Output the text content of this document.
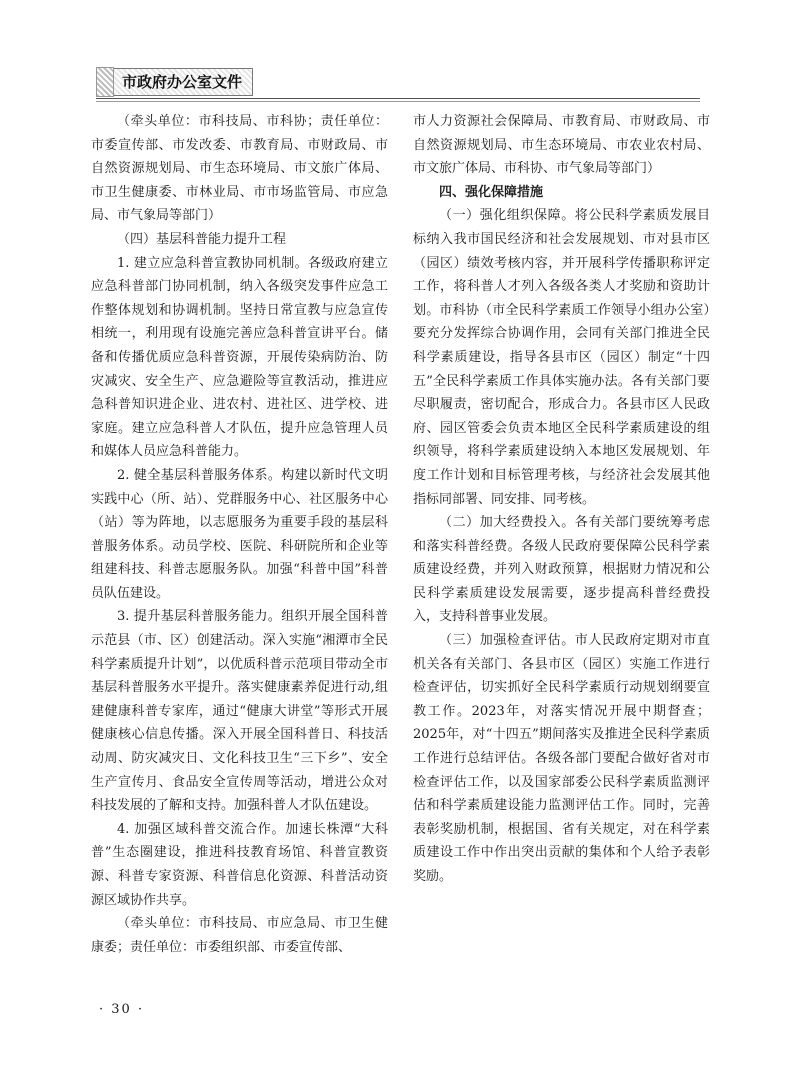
市政府办公室文件

（牵头单位：市科技局、市科协；责任单位：市委宣传部、市发改委、市教育局、市财政局、市自然资源规划局、市生态环境局、市文旅广体局、市卫生健康委、市林业局、市市场监管局、市应急局、市气象局等部门）

（四）基层科普能力提升工程

1. 建立应急科普宣教协同机制。各级政府建立应急科普部门协同机制，纳入各级突发事件应急工作整体规划和协调机制。坚持日常宣教与应急宣传相统一，利用现有设施完善应急科普宣讲平台。储备和传播优质应急科普资源，开展传染病防治、防灾减灾、安全生产、应急避险等宣教活动，推进应急科普知识进企业、进农村、进社区、进学校、进家庭。建立应急科普人才队伍，提升应急管理人员和媒体人员应急科普能力。

2. 健全基层科普服务体系。构建以新时代文明实践中心（所、站）、党群服务中心、社区服务中心（站）等为阵地，以志愿服务为重要手段的基层科普服务体系。动员学校、医院、科研院所和企业等组建科技、科普志愿服务队。加强“科普中国”科普员队伍建设。

3. 提升基层科普服务能力。组织开展全国科普示范县（市、区）创建活动。深入实施“湘潭市全民科学素质提升计划”，以优质科普示范项目带动全市基层科普服务水平提升。落实健康素养促进行动,组建健康科普专家库，通过“健康大讲堂”等形式开展健康核心信息传播。深入开展全国科普日、科技活动周、防灾减灾日、文化科技卫生“三下乡”、安全生产宣传月、食品安全宣传周等活动，增进公众对科技发展的了解和支持。加强科普人才队伍建设。

4. 加强区域科普交流合作。加速长株潭“大科普”生态圈建设，推进科技教育场馆、科普宣教资源、科普专家资源、科普信息化资源、科普活动资源区域协作共享。

（牵头单位：市科技局、市应急局、市卫生健康委；责任单位：市委组织部、市委宣传部、

市人力资源社会保障局、市教育局、市财政局、市自然资源规划局、市生态环境局、市农业农村局、市文旅广体局、市科协、市气象局等部门）

四、强化保障措施

（一）强化组织保障。将公民科学素质发展目标纳入我市国民经济和社会发展规划、市对县市区（园区）绩效考核内容，并开展科学传播职称评定工作，将科普人才列入各级各类人才奖励和资助计划。市科协（市全民科学素质工作领导小组办公室）要充分发挥综合协调作用，会同有关部门推进全民科学素质建设，指导各县市区（园区）制定“十四五”全民科学素质工作具体实施办法。各有关部门要尽职履责，密切配合，形成合力。各县市区人民政府、园区管委会负责本地区全民科学素质建设的组织领导，将科学素质建设纳入本地区发展规划、年度工作计划和目标管理考核，与经济社会发展其他指标同部署、同安排、同考核。

（二）加大经费投入。各有关部门要统筹考虑和落实科普经费。各级人民政府要保障公民科学素质建设经费，并列入财政预算，根据财力情况和公民科学素质建设发展需要，逐步提高科普经费投入，支持科普事业发展。

（三）加强检查评估。市人民政府定期对市直机关各有关部门、各县市区（园区）实施工作进行检查评估，切实抓好全民科学素质行动规划纲要宣教工作。2023年，对落实情况开展中期督查；2025年，对“十四五”期间落实及推进全民科学素质工作进行总结评估。各级各部门要配合做好省对市检查评估工作，以及国家部委公民科学素质监测评估和科学素质建设能力监测评估工作。同时，完善表彰奖励机制，根据国、省有关规定，对在科学素质建设工作中作出突出贡献的集体和个人给予表彰奖励。

· 30 ·
